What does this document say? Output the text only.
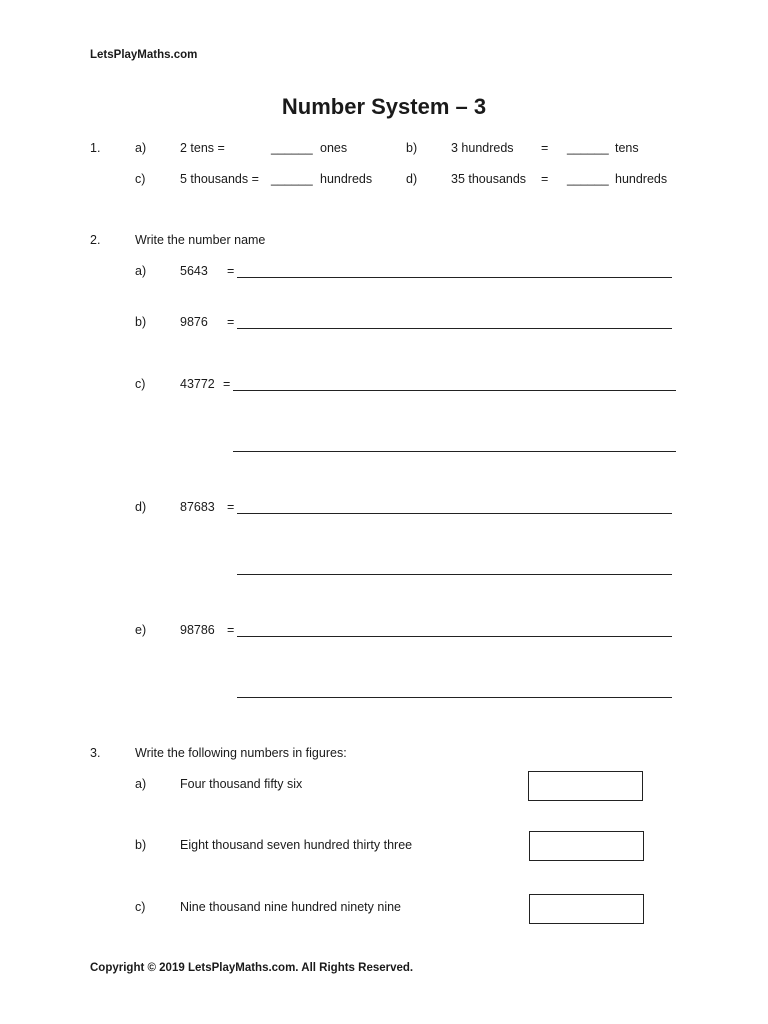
LetsPlayMaths.com
Number System – 3
1.	a)	2 tens =	______ ones	b)	3 hundreds = ______ tens
c)	5 thousands = ______ hundreds	d)	35 thousands = ______ hundreds
2.	Write the number name
a)	5643 =
b)	9876 =
c)	43772 =
d)	87683 =
e)	98786 =
3.	Write the following numbers in figures:
a)	Four thousand fifty six
b)	Eight thousand seven hundred thirty three
c)	Nine thousand nine hundred ninety nine
Copyright © 2019 LetsPlayMaths.com. All Rights Reserved.
